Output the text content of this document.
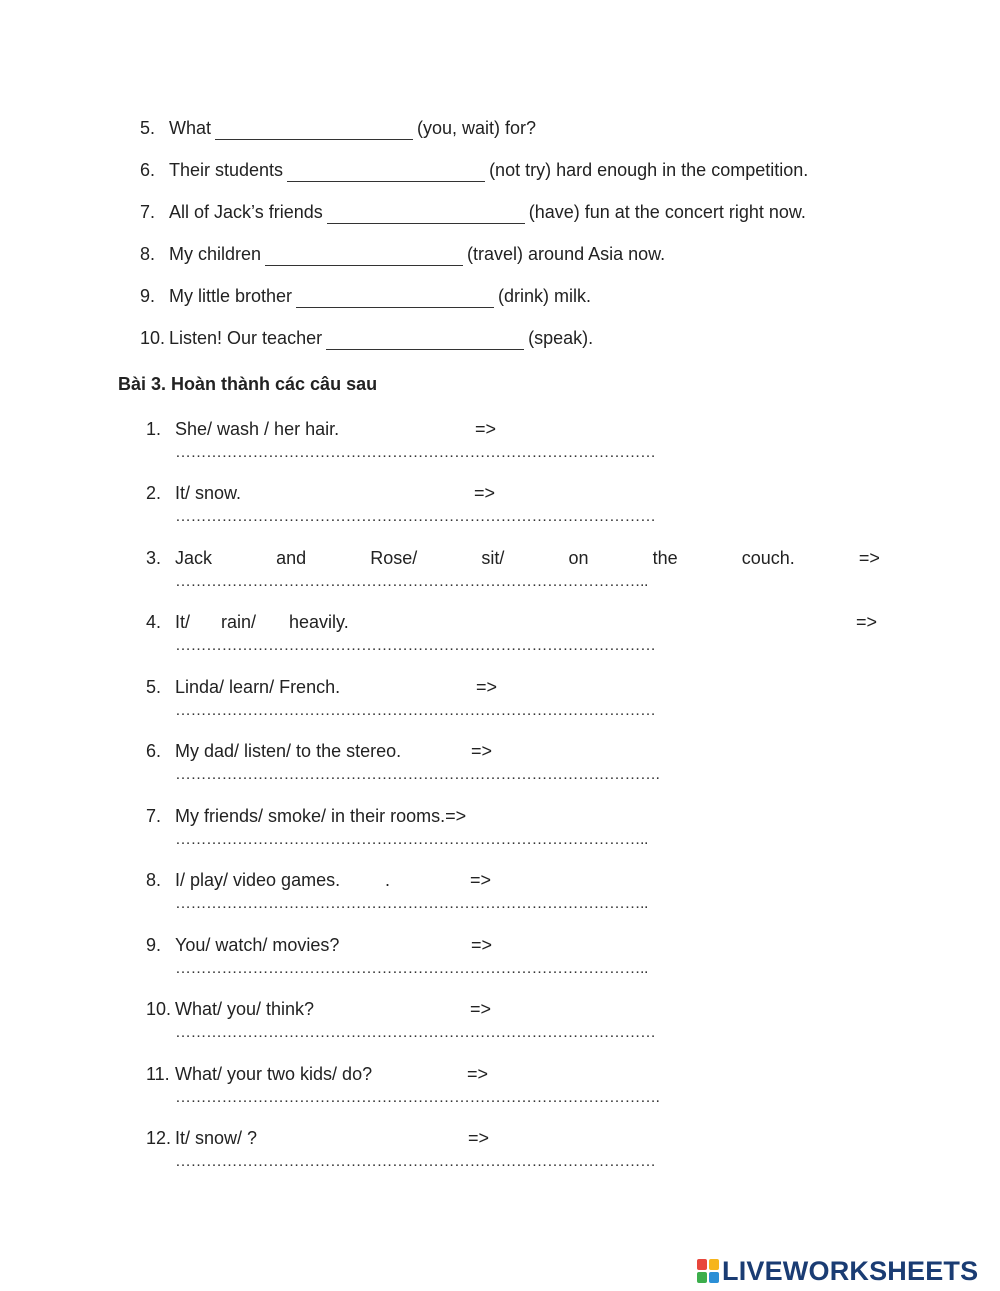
5. What	(you, wait) for?
6. Their students	(not try) hard enough in the competition.
7. All of Jack’s friends	(have) fun at the concert right now.
8. My children	(travel) around Asia now.
9. My little brother	(drink) milk.
10. Listen! Our teacher	(speak).
Bài 3. Hoàn thành các câu sau
1. She/ wash / her hair.	=>
…………………………………………………………………………………
2. It/ snow.	=>
…………………………………………………………………………………
3. Jack	and	Rose/	sit/	on	the	couch.	=>
………………………………………………………………………………..
4. It/ rain/ heavily.	=>
…………………………………………………………………………………
5. Linda/ learn/ French.	=>
…………………………………………………………………………………
6. My dad/ listen/ to the stereo.	=>
………………………………………………………………………………….
7. My friends/ smoke/ in their rooms.=>
………………………………………………………………………………..
8. I/ play/ video games. .	=>
………………………………………………………………………………..
9. You/ watch/ movies?	=>
………………………………………………………………………………..
10. What/ you/ think?	=>
…………………………………………………………………………………
11. What/ your two kids/ do?	=>
………………………………………………………………………………….
12. It/ snow/ ?	=>
…………………………………………………………………………………
LIVEWORKSHEETS
